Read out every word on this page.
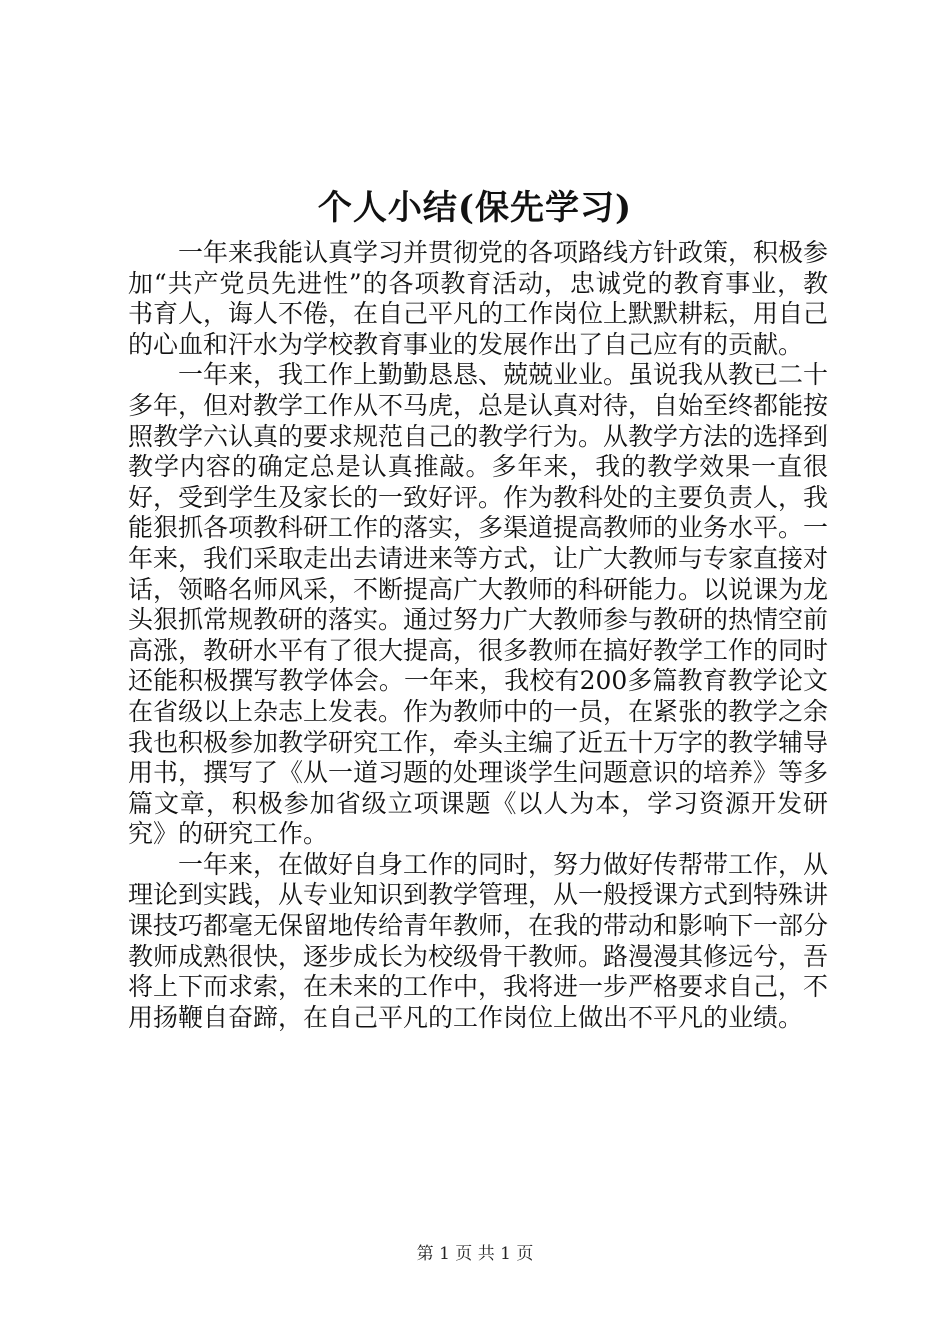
个人小结(保先学习)

一年来我能认真学习并贯彻党的各项路线方针政策，积极参加“共产党员先进性”的各项教育活动，忠诚党的教育事业，教书育人，诲人不倦，在自己平凡的工作岗位上默默耕耘，用自己的心血和汗水为学校教育事业的发展作出了自己应有的贡献。

一年来，我工作上勤勤恳恳、兢兢业业。虽说我从教已二十多年，但对教学工作从不马虎，总是认真对待，自始至终都能按照教学六认真的要求规范自己的教学行为。从教学方法的选择到教学内容的确定总是认真推敲。多年来，我的教学效果一直很好，受到学生及家长的一致好评。作为教科处的主要负责人，我能狠抓各项教科研工作的落实，多渠道提高教师的业务水平。一年来，我们采取走出去请进来等方式，让广大教师与专家直接对话，领略名师风采，不断提高广大教师的科研能力。以说课为龙头狠抓常规教研的落实。通过努力广大教师参与教研的热情空前高涨，教研水平有了很大提高，很多教师在搞好教学工作的同时还能积极撰写教学体会。一年来，我校有200多篇教育教学论文在省级以上杂志上发表。作为教师中的一员，在紧张的教学之余我也积极参加教学研究工作，牵头主编了近五十万字的教学辅导用书，撰写了《从一道习题的处理谈学生问题意识的培养》等多篇文章，积极参加省级立项课题《以人为本，学习资源开发研究》的研究工作。

一年来，在做好自身工作的同时，努力做好传帮带工作，从理论到实践，从专业知识到教学管理，从一般授课方式到特殊讲课技巧都毫无保留地传给青年教师，在我的带动和影响下一部分教师成熟很快，逐步成长为校级骨干教师。路漫漫其修远兮，吾将上下而求索，在未来的工作中，我将进一步严格要求自己，不用扬鞭自奋蹄，在自己平凡的工作岗位上做出不平凡的业绩。

第 1 页 共 1 页
